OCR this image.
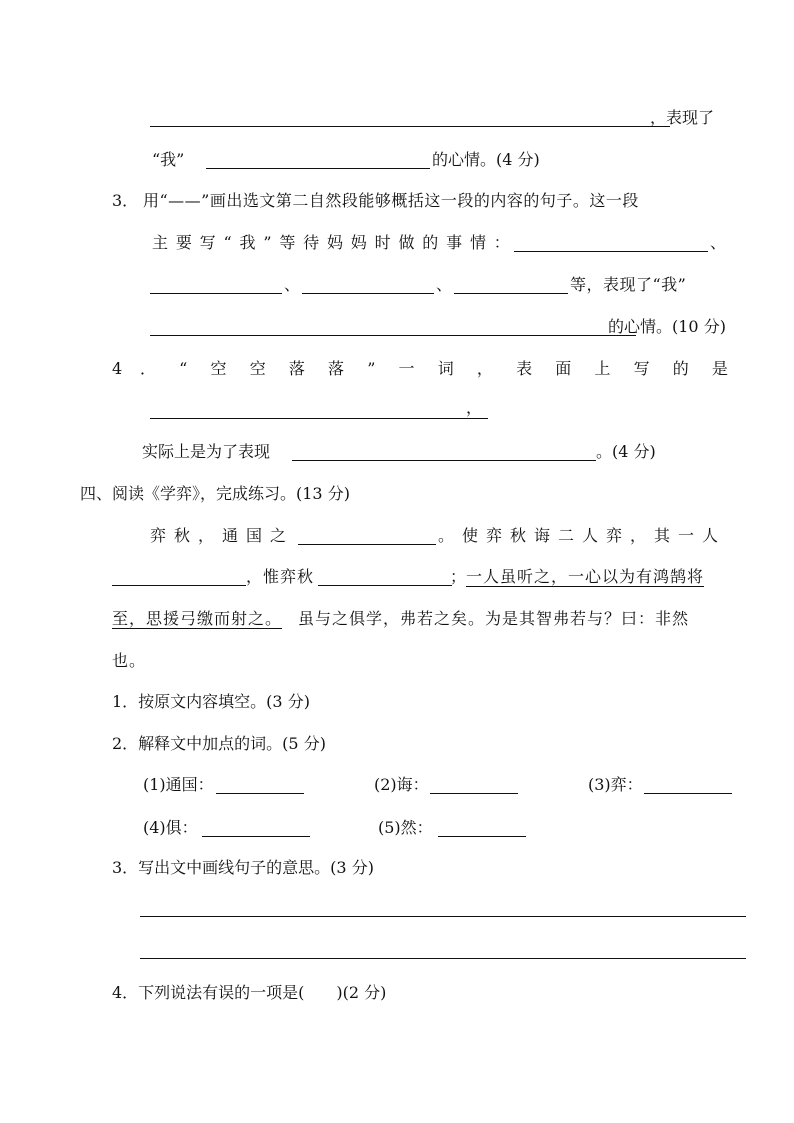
，表现了
“我”	的心情。(4 分)
3． 用“——”画出选文第二自然段能够概括这一段的内容的句子。这一段
主 要 写 “ 我 ” 等 待 妈 妈 时 做 的 事 情 ：	、
、	、	等，表现了“我”
的心情。(10 分)
4 ． “ 空 空 落 落 ” 一 词 ， 表 面 上 写 的 是
，
实际上是为了表现	。(4 分)
四、阅读《学弈》，完成练习。(13 分)
弈秋，通国之	。使弈秋诲二人弈，其一人
，惟弈秋	；
一人虽听之，一心以为有鸿鹄将
至，思援弓缴而射之。 虽与之俱学，弗若之矣。为是其智弗若与？曰：非然
也。
1．按原文内容填空。(3 分)
2．解释文中加点的词。(5 分)
(1)通国：	(2)诲：	(3)弈：
(4)俱：	(5)然：
3．写出文中画线句子的意思。(3 分)
4．下列说法有误的一项是(　　)(2 分)
